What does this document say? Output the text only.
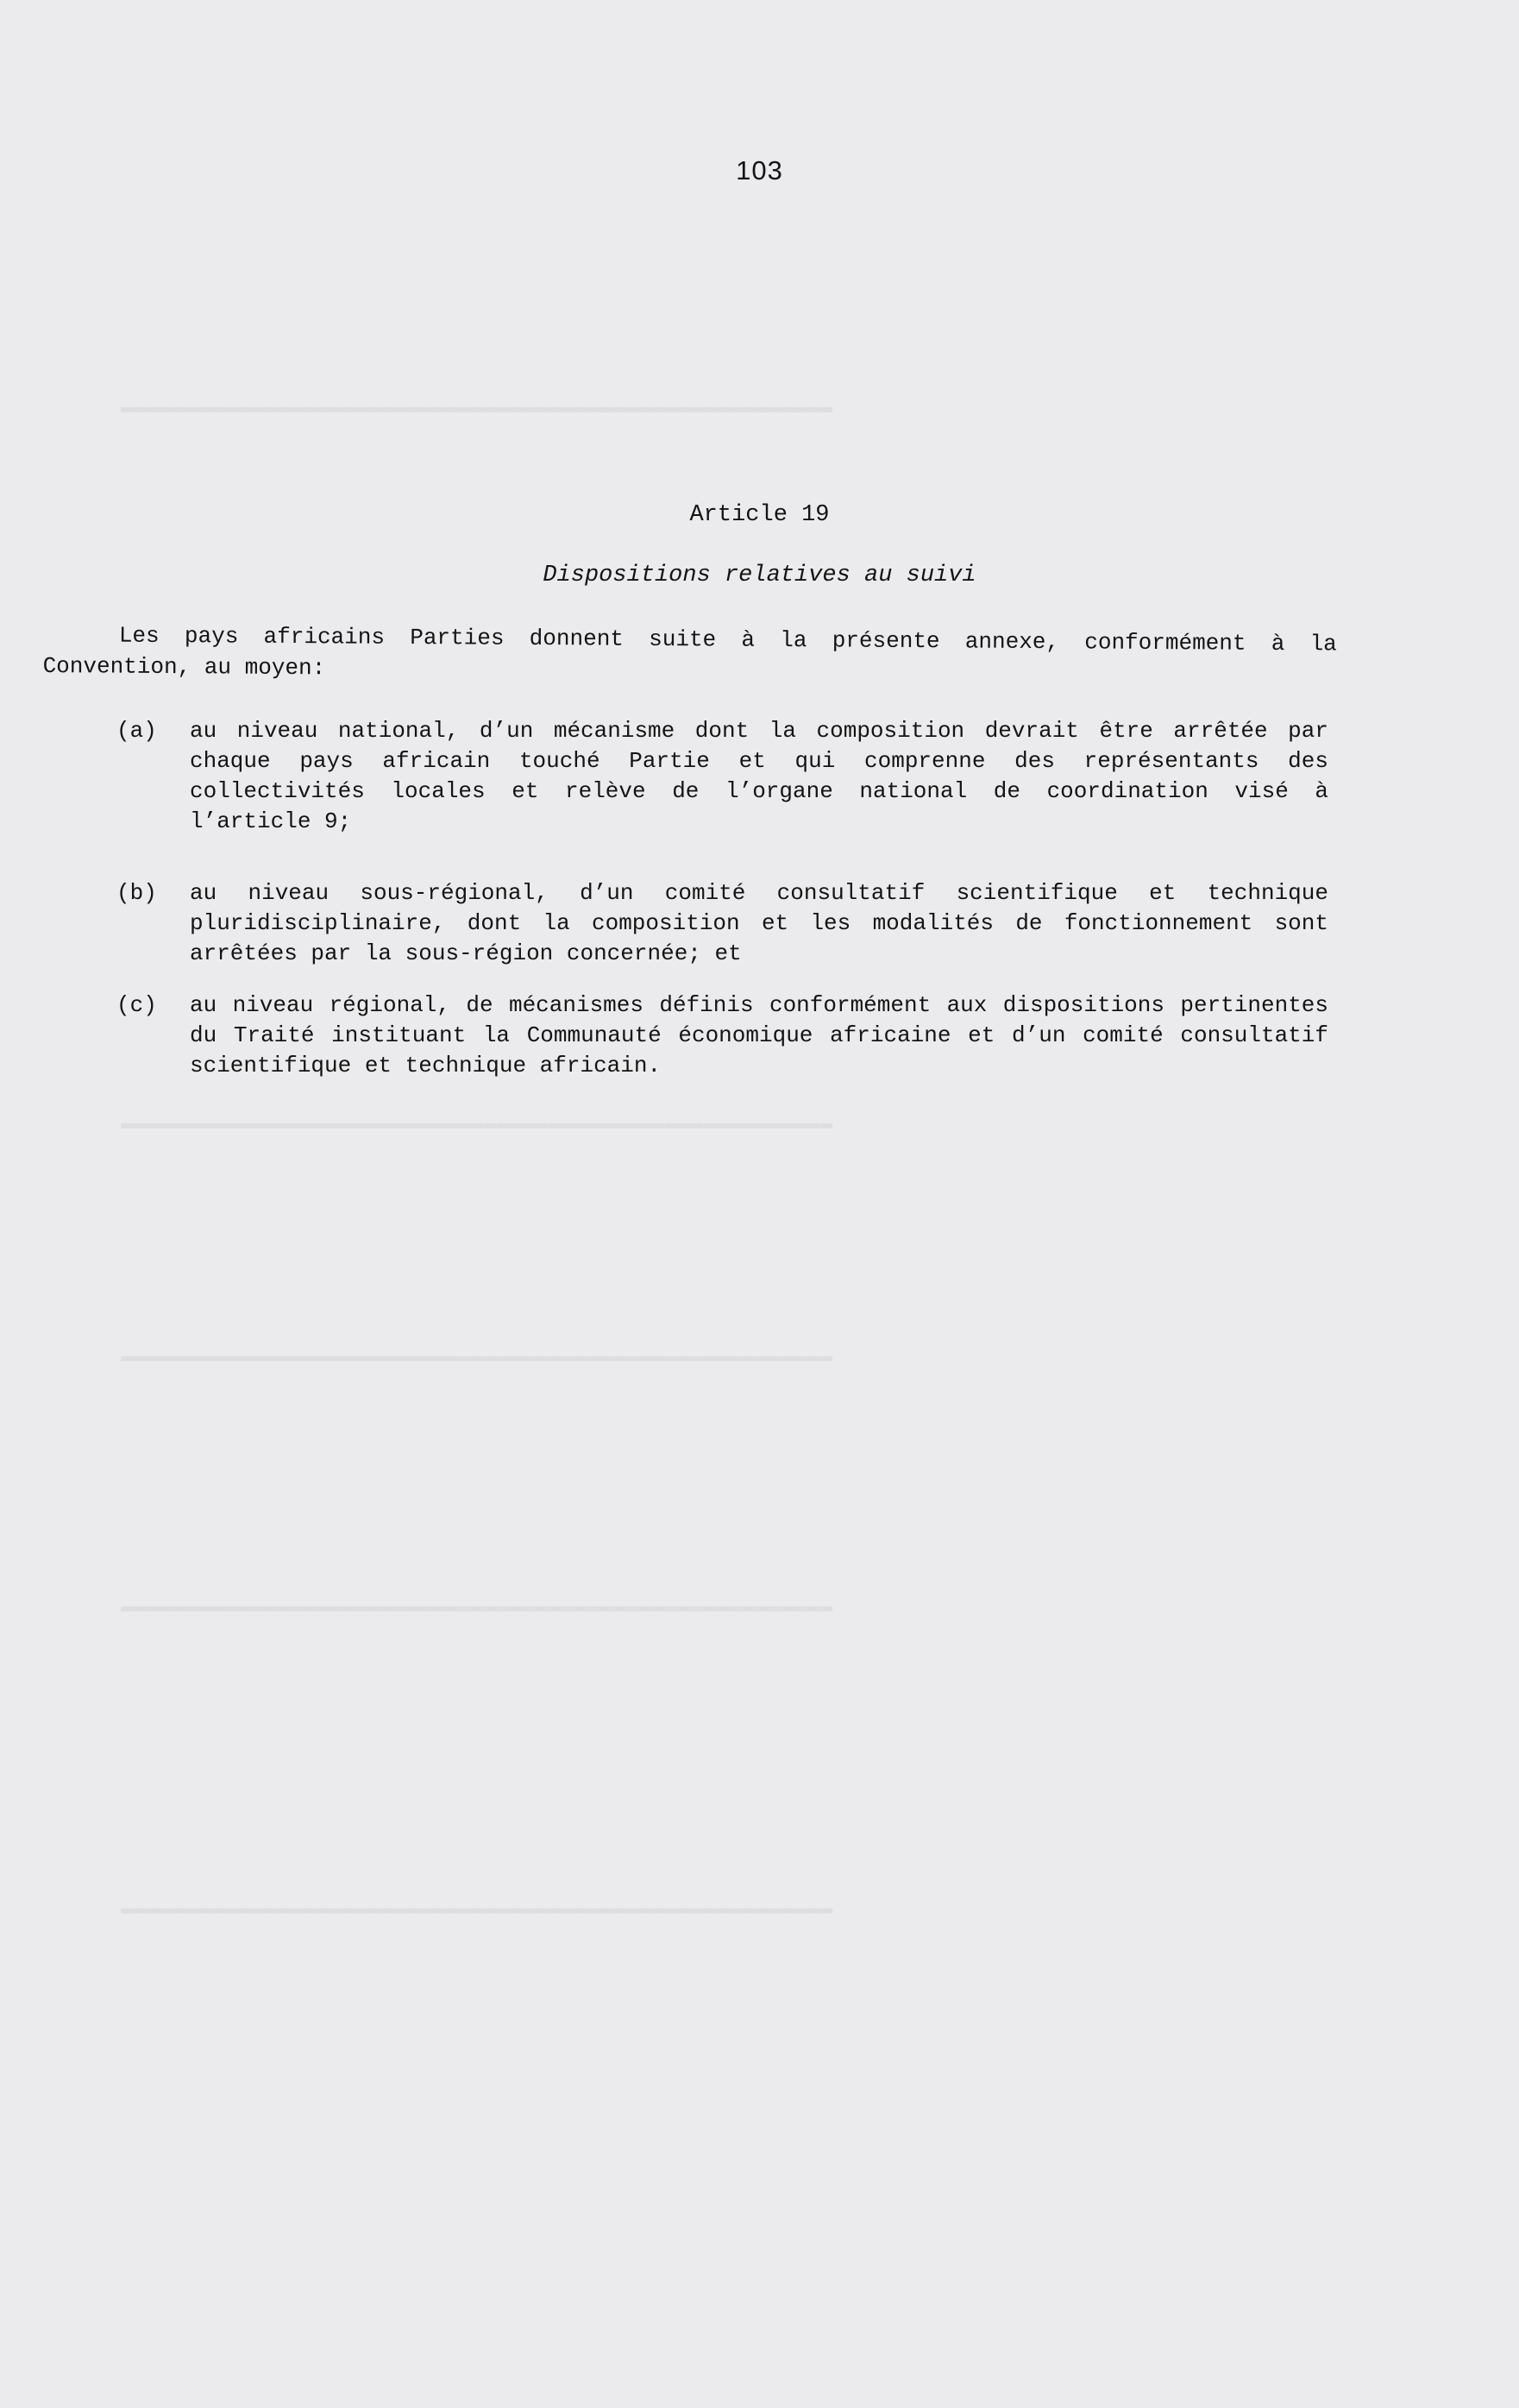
▬▬▬▬▬▬▬▬▬▬▬▬▬▬▬▬▬▬▬▬▬▬▬▬▬▬▬▬▬▬▬▬▬▬▬▬▬▬▬▬▬▬▬▬▬▬▬▬▬▬▬▬▬▬▬
▬▬▬▬▬▬▬▬▬▬▬▬▬▬▬▬▬▬▬▬▬▬▬▬▬▬▬▬▬▬▬▬▬▬▬▬▬▬▬▬▬▬▬▬▬▬▬▬▬▬▬▬▬▬▬
▬▬▬▬▬▬▬▬▬▬▬▬▬▬▬▬▬▬▬▬▬▬▬▬▬▬▬▬▬▬▬▬▬▬▬▬▬▬▬▬▬▬▬▬▬▬▬▬▬▬▬▬▬▬▬
▬▬▬▬▬▬▬▬▬▬▬▬▬▬▬▬▬▬▬▬▬▬▬▬▬▬▬▬▬▬▬▬▬▬▬▬▬▬▬▬▬▬▬▬▬▬▬▬▬▬▬▬▬▬▬
▬▬▬▬▬▬▬▬▬▬▬▬▬▬▬▬▬▬▬▬▬▬▬▬▬▬▬▬▬▬▬▬▬▬▬▬▬▬▬▬▬▬▬▬▬▬▬▬▬▬▬▬▬▬▬
103
Article 19
Dispositions relatives au suivi
Les pays africains Parties donnent suite à la présente annexe, conformément à la Convention, au moyen:
(a) au niveau national, d’un mécanisme dont la composition devrait être arrêtée par chaque pays africain touché Partie et qui comprenne des représentants des collectivités locales et relève de l’organe national de coordination visé à l’article 9;
(b) au niveau sous-régional, d’un comité consultatif scientifique et technique pluridisciplinaire, dont la composition et les modalités de fonctionnement sont arrêtées par la sous-région concernée; et
(c) au niveau régional, de mécanismes définis conformément aux dispositions pertinentes du Traité instituant la Communauté économique africaine et d’un comité consultatif scientifique et technique africain.
